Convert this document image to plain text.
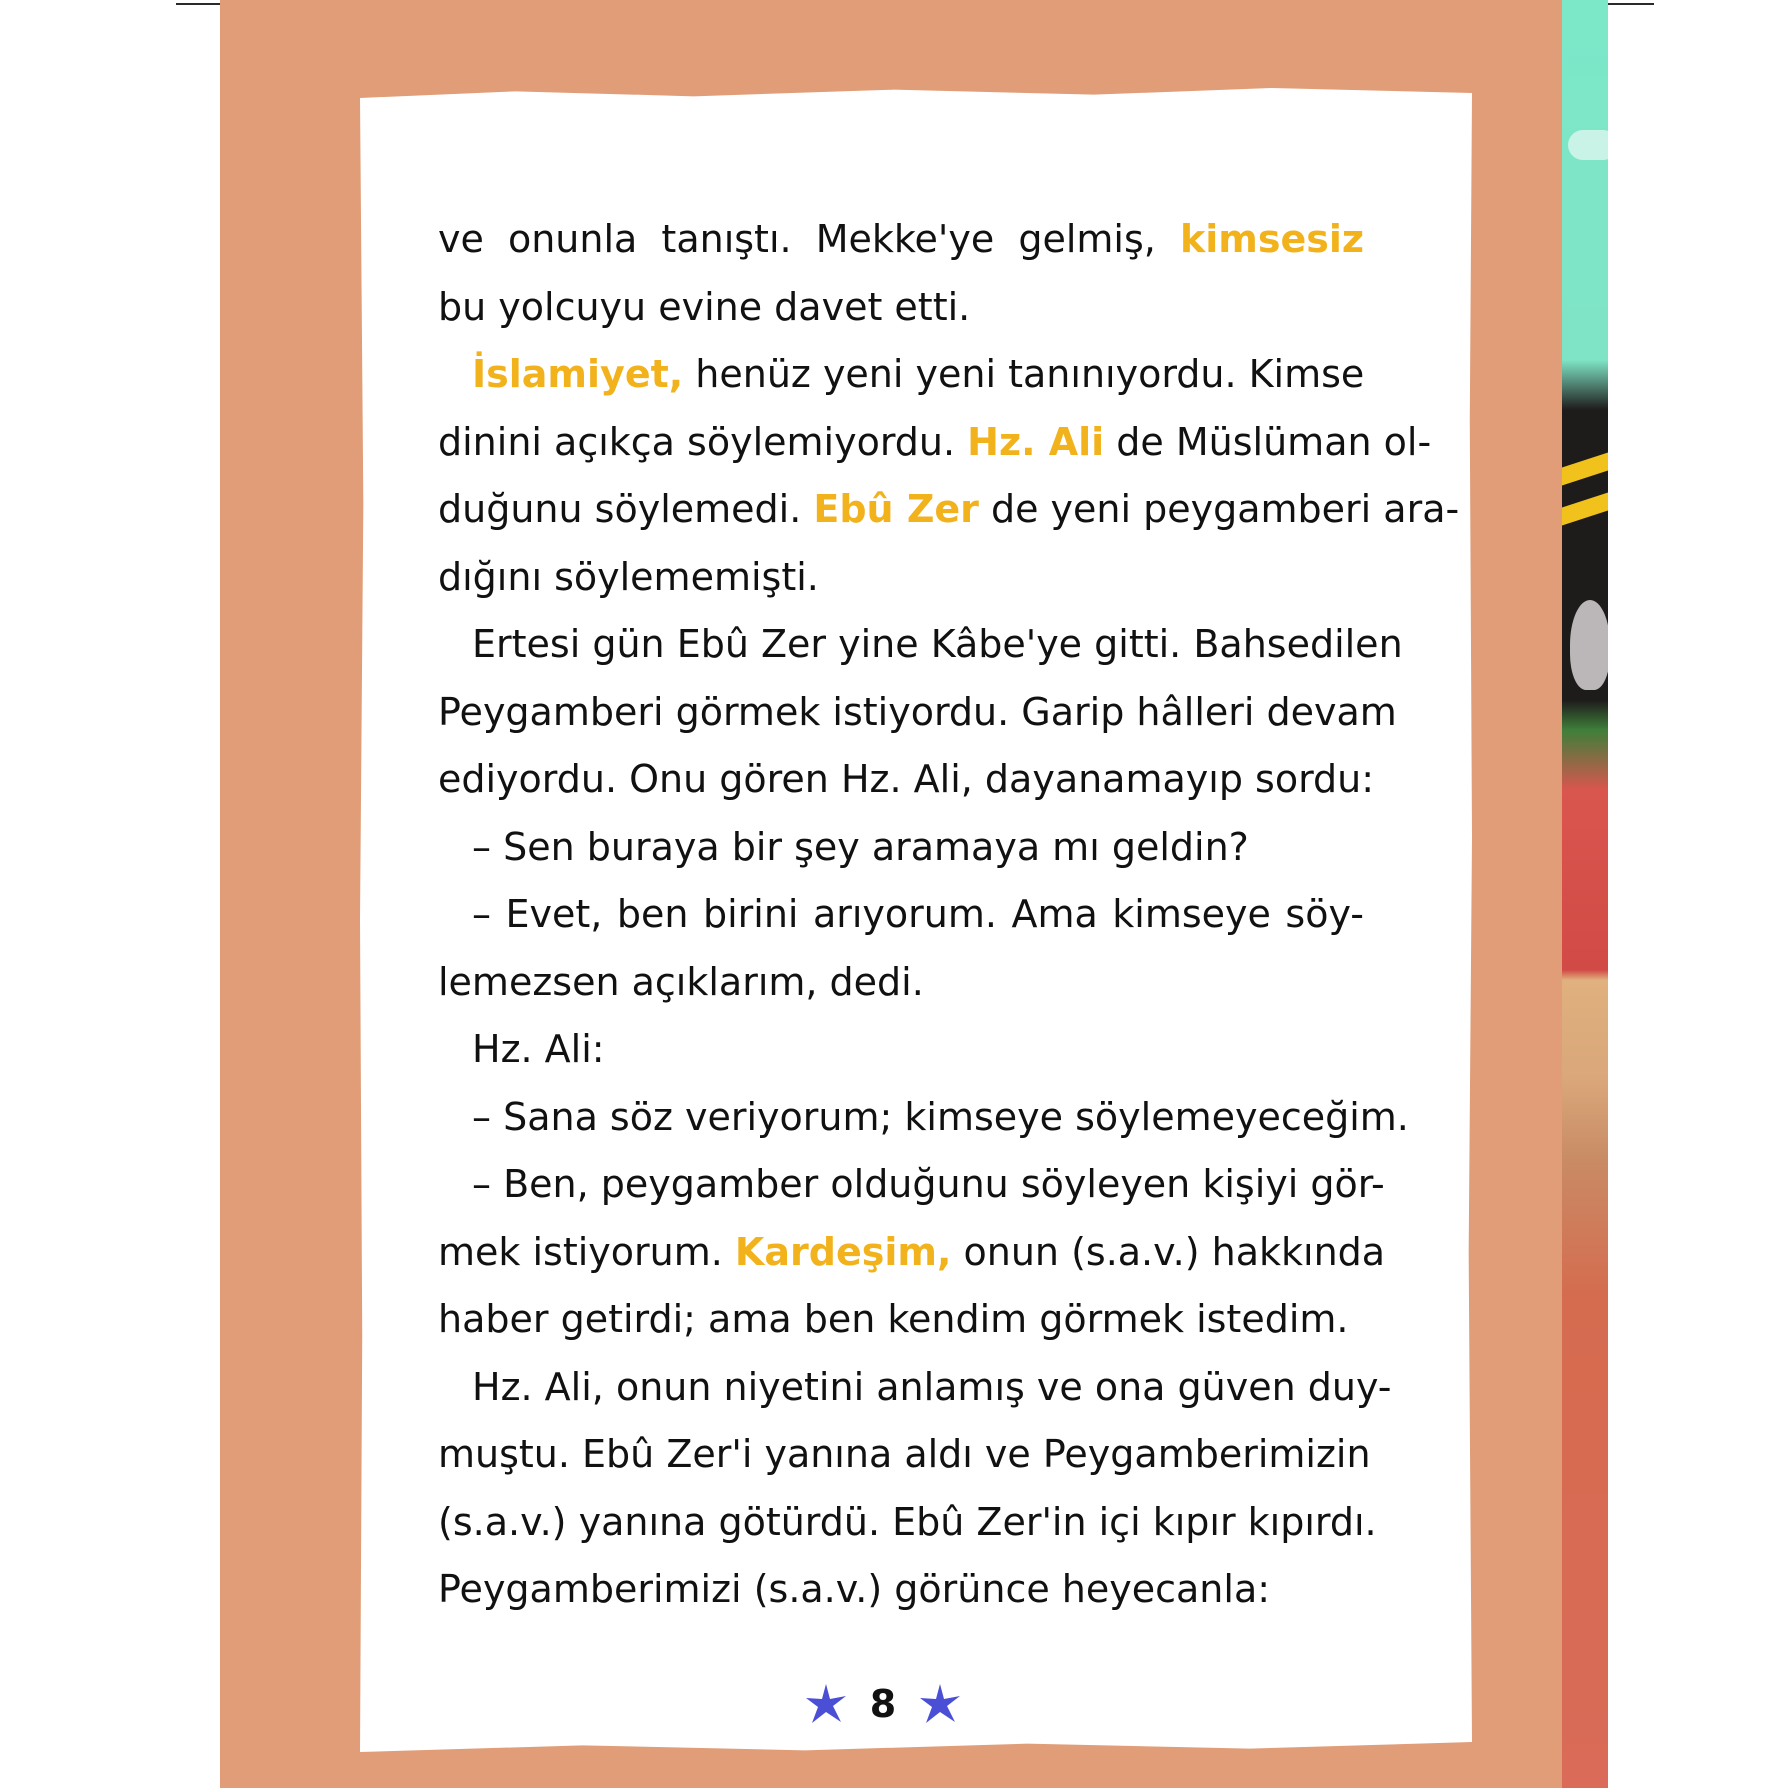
ve onunla tanıştı. Mekke'ye gelmiş, kimsesiz
bu yolcuyu evine davet etti.
İslamiyet, henüz yeni yeni tanınıyordu. Kimse
dinini açıkça söylemiyordu. Hz. Ali de Müslüman ol-
duğunu söylemedi. Ebû Zer de yeni peygamberi ara-
dığını söylememişti.
Ertesi gün Ebû Zer yine Kâbe'ye gitti. Bahsedilen
Peygamberi görmek istiyordu. Garip hâlleri devam
ediyordu. Onu gören Hz. Ali, dayanamayıp sordu:
– Sen buraya bir şey aramaya mı geldin?
– Evet, ben birini arıyorum. Ama kimseye söy-
lemezsen açıklarım, dedi.
Hz. Ali:
– Sana söz veriyorum; kimseye söylemeyeceğim.
– Ben, peygamber olduğunu söyleyen kişiyi gör-
mek istiyorum. Kardeşim, onun (s.a.v.) hakkında
haber getirdi; ama ben kendim görmek istedim.
Hz. Ali, onun niyetini anlamış ve ona güven duy-
muştu. Ebû Zer'i yanına aldı ve Peygamberimizin
(s.a.v.) yanına götürdü. Ebû Zer'in içi kıpır kıpırdı.
Peygamberimizi (s.a.v.) görünce heyecanla:
8
